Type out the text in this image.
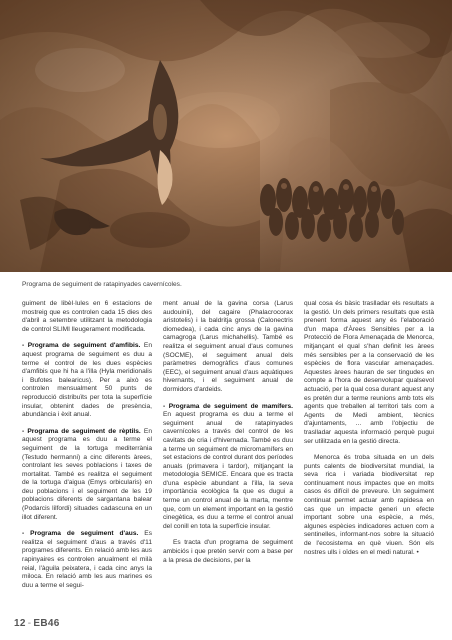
Programa de seguiment de ratapinyades cavernícoles.

guiment de libèl·lules en 6 estacions de mostreig que es controlen cada 15 dies des d'abril a setembre utilitzant la metodologia de control SLIMI lleugerament modificada.

- Programa de seguiment d'amfibis. En aquest programa de seguiment es duu a terme el control de les dues espècies d'amfibis que hi ha a l'illa (Hyla meridionalis i Bufotes balearicus). Per a això es controlen mensualment 50 punts de reproducció distribuïts per tota la superfície insular, obtenint dades de presència, abundància i èxit anual.

- Programa de seguiment de rèptils. En aquest programa es duu a terme el seguiment de la tortuga mediterrània (Testudo hermanni) a cinc diferents àrees, controlant les seves poblacions i taxes de mortalitat. També es realitza el seguiment de la tortuga d'aigua (Emys orbicularis) en deu poblacions i el seguiment de les 19 poblacions diferents de sargantana balear (Podarcis lilfordi) situades cadascuna en un illot diferent.

- Programa de seguiment d'aus. Es realitza el seguiment d'aus a través d'11 programes diferents. En relació amb les aus rapinyaires es controlen anualment el milà reial, l'àguila peixatera, i cada cinc anys la miloca. En relació amb les aus marines es duu a terme el segui-

ment anual de la gavina corsa (Larus audouinii), del cagaire (Phalacrocorax aristotelis) i la baldritja grossa (Calonectris diomedea), i cada cinc anys de la gavina camagroga (Larus michahellis). També es realitza el seguiment anual d'aus comunes (SOCME), el seguiment anual dels paràmetres demogràfics d'aus comunes (EEC), el seguiment anual d'aus aquàtiques hivernants, i el seguiment anual de dormidors d'ardeids.

- Programa de seguiment de mamífers. En aquest programa es duu a terme el seguiment anual de ratapinyades cavernícoles a través del control de les cavitats de cria i d'hivernada. També es duu a terme un seguiment de micromamífers en set estacions de control durant dos períodes anuals (primavera i tardor), mitjançant la metodologia SEMICE. Encara que es tracta d'una espècie abundant a l'illa, la seva importància ecològica fa que es dugui a terme un control anual de la marta, mentre que, com un element important en la gestió cinegètica, es duu a terme el control anual del conill en tota la superfície insular.

Es tracta d'un programa de seguiment ambiciós i que pretén servir com a base per a la presa de decisions, per la

qual cosa és bàsic traslladar els resultats a la gestió. Un dels primers resultats que està prenent forma aquest any és l'elaboració d'un mapa d'Àrees Sensibles per a la Protecció de Flora Amenaçada de Menorca, mitjançant el qual s'han definit les àrees més sensibles per a la conservació de les espècies de flora vascular amenaçades. Aquestes àrees hauran de ser tingudes en compte a l'hora de desenvolupar qualsevol actuació, per la qual cosa durant aquest any es pretén dur a terme reunions amb tots els agents que treballen al territori tals com a Agents de Medi ambient, tècnics d'ajuntaments, ... amb l'objectiu de traslladar aquesta informació perquè pugui ser utilitzada en la gestió directa.

Menorca és troba situada en un dels punts calents de biodiversitat mundial, la seva rica i variada biodiversitat rep contínuament nous impactes que en molts casos és difícil de preveure. Un seguiment continuat permet actuar amb rapidesa en cas que un impacte generi un efecte important sobre una espècie, a més, algunes espècies indicadores actuen com a sentinelles, informant-nos sobre la situació de l'ecosistema en què viuen. Són els nostres ulls i oïdes en el medi natural. •

12 - EB46
